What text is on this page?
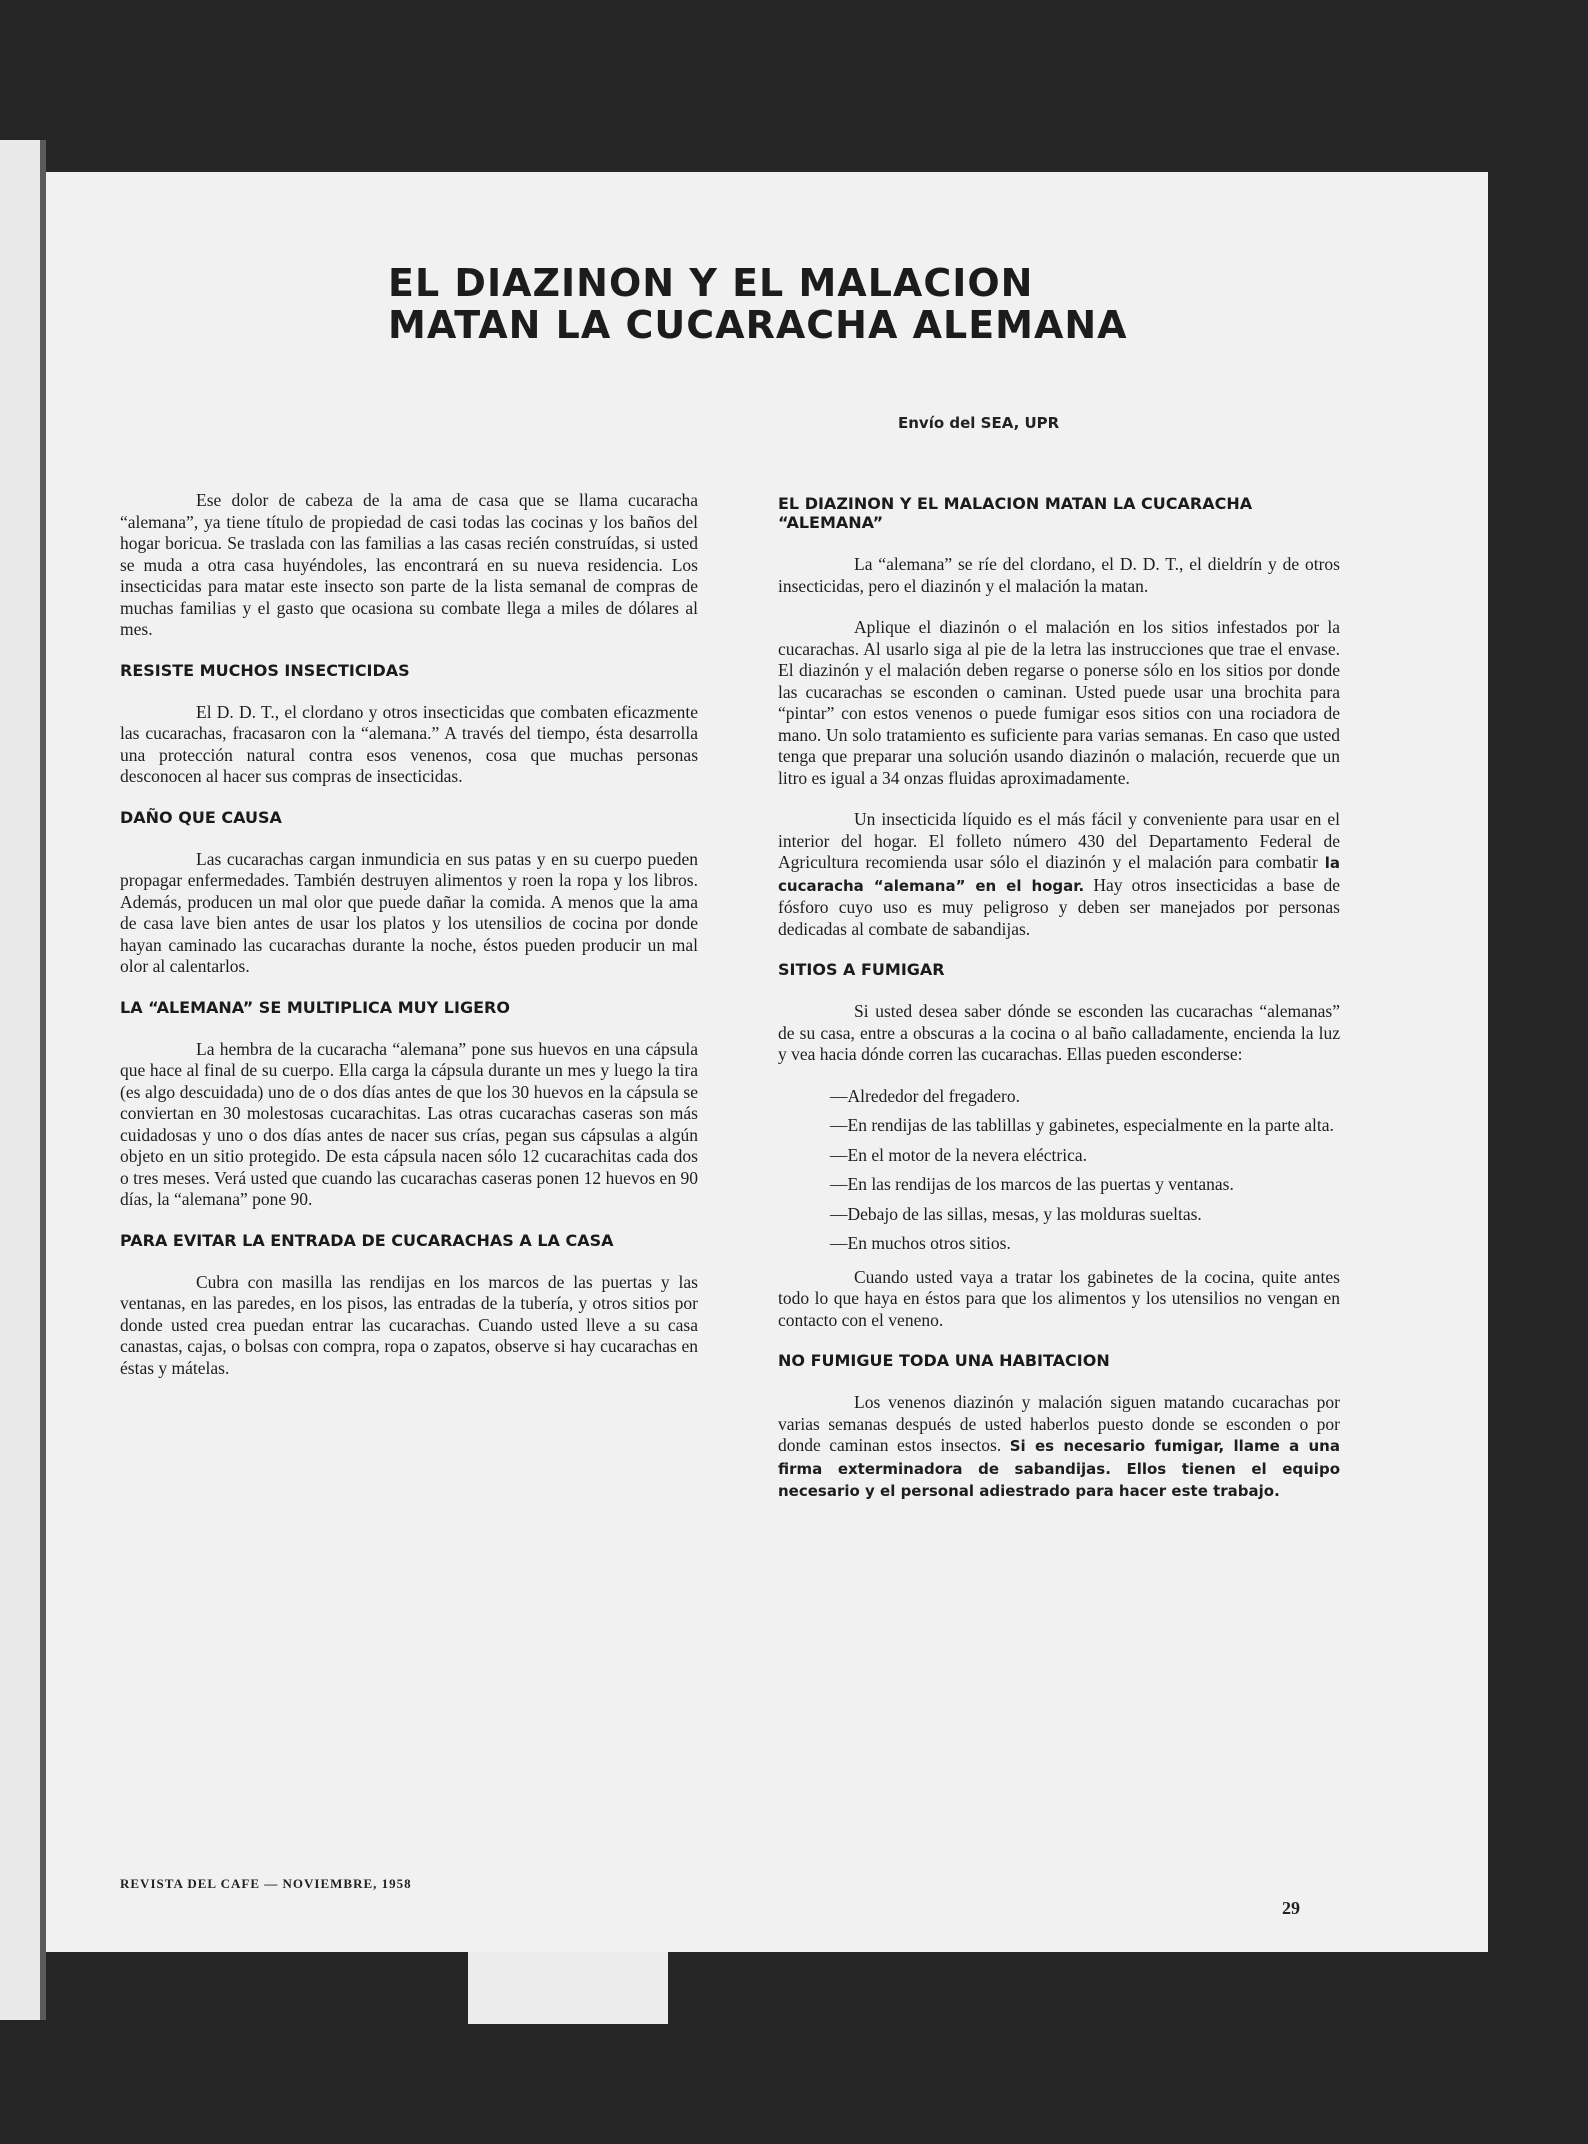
EL DIAZINON Y EL MALACION
MATAN LA CUCARACHA ALEMANA
Envío del SEA, UPR

Ese dolor de cabeza de la ama de casa que se llama cucaracha “alemana”, ya tiene título de propiedad de casi todas las cocinas y los baños del hogar boricua. Se traslada con las familias a las casas recién construídas, si usted se muda a otra casa huyéndoles, las encontrará en su nueva residencia. Los insecticidas para matar este insecto son parte de la lista semanal de compras de muchas familias y el gasto que ocasiona su combate llega a miles de dólares al mes.

RESISTE MUCHOS INSECTICIDAS

El D. D. T., el clordano y otros insecticidas que combaten eficazmente las cucarachas, fracasaron con la “alemana.” A través del tiempo, ésta desarrolla una protección natural contra esos venenos, cosa que muchas personas desconocen al hacer sus compras de insecticidas.

DAÑO QUE CAUSA

Las cucarachas cargan inmundicia en sus patas y en su cuerpo pueden propagar enfermedades. También destruyen alimentos y roen la ropa y los libros. Además, producen un mal olor que puede dañar la comida. A menos que la ama de casa lave bien antes de usar los platos y los utensilios de cocina por donde hayan caminado las cucarachas durante la noche, éstos pueden producir un mal olor al calentarlos.

LA “ALEMANA” SE MULTIPLICA MUY LIGERO

La hembra de la cucaracha “alemana” pone sus huevos en una cápsula que hace al final de su cuerpo. Ella carga la cápsula durante un mes y luego la tira (es algo descuidada) uno de o dos días antes de que los 30 huevos en la cápsula se conviertan en 30 molestosas cucarachitas. Las otras cucarachas caseras son más cuidadosas y uno o dos días antes de nacer sus crías, pegan sus cápsulas a algún objeto en un sitio protegido. De esta cápsula nacen sólo 12 cucarachitas cada dos o tres meses. Verá usted que cuando las cucarachas caseras ponen 12 huevos en 90 días, la “alemana” pone 90.

PARA EVITAR LA ENTRADA DE CUCARACHAS A LA CASA

Cubra con masilla las rendijas en los marcos de las puertas y las ventanas, en las paredes, en los pisos, las entradas de la tubería, y otros sitios por donde usted crea puedan entrar las cucarachas. Cuando usted lleve a su casa canastas, cajas, o bolsas con compra, ropa o zapatos, observe si hay cucarachas en éstas y mátelas.

EL DIAZINON Y EL MALACION MATAN LA CUCARACHA “ALEMANA”

La “alemana” se ríe del clordano, el D. D. T., el dieldrín y de otros insecticidas, pero el diazinón y el malación la matan.

Aplique el diazinón o el malación en los sitios infestados por la cucarachas. Al usarlo siga al pie de la letra las instrucciones que trae el envase. El diazinón y el malación deben regarse o ponerse sólo en los sitios por donde las cucarachas se esconden o caminan. Usted puede usar una brochita para “pintar” con estos venenos o puede fumigar esos sitios con una rociadora de mano. Un solo tratamiento es suficiente para varias semanas. En caso que usted tenga que preparar una solución usando diazinón o malación, recuerde que un litro es igual a 34 onzas fluidas aproximadamente.

Un insecticida líquido es el más fácil y conveniente para usar en el interior del hogar. El folleto número 430 del Departamento Federal de Agricultura recomienda usar sólo el diazinón y el malación para combatir la cucaracha “alemana” en el hogar. Hay otros insecticidas a base de fósforo cuyo uso es muy peligroso y deben ser manejados por personas dedicadas al combate de sabandijas.

SITIOS A FUMIGAR

Si usted desea saber dónde se esconden las cucarachas “alemanas” de su casa, entre a obscuras a la cocina o al baño calladamente, encienda la luz y vea hacia dónde corren las cucarachas. Ellas pueden esconderse:

—Alrededor del fregadero.
—En rendijas de las tablillas y gabinetes, especialmente en la parte alta.
—En el motor de la nevera eléctrica.
—En las rendijas de los marcos de las puertas y ventanas.
—Debajo de las sillas, mesas, y las molduras sueltas.
—En muchos otros sitios.

Cuando usted vaya a tratar los gabinetes de la cocina, quite antes todo lo que haya en éstos para que los alimentos y los utensilios no vengan en contacto con el veneno.

NO FUMIGUE TODA UNA HABITACION

Los venenos diazinón y malación siguen matando cucarachas por varias semanas después de usted haberlos puesto donde se esconden o por donde caminan estos insectos. Si es necesario fumigar, llame a una firma exterminadora de sabandijas. Ellos tienen el equipo necesario y el personal adiestrado para hacer este trabajo.

REVISTA DEL CAFE — NOVIEMBRE, 1958
29
